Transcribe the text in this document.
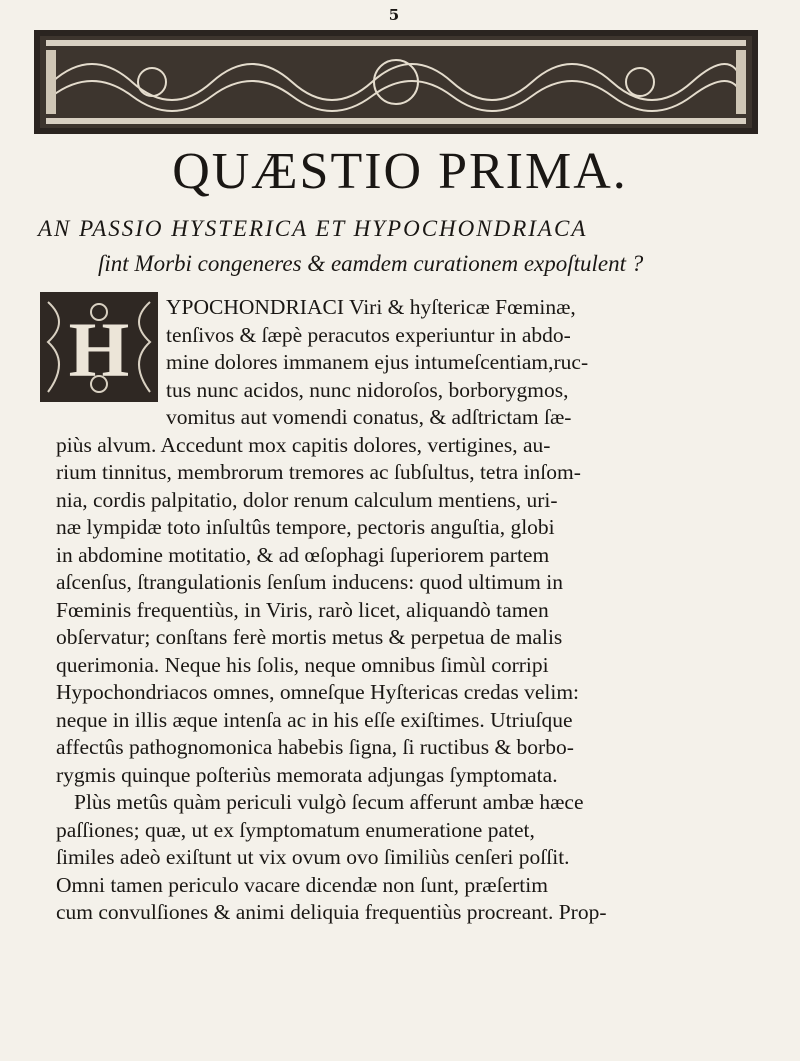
5
QUÆSTIO PRIMA.
AN PASSIO HYSTERICA ET HYPOCHONDRIACA
ſint Morbi congeneres & eamdem curationem expoſtulent ?
H	YPOCHONDRIACI Viri & hyſtericæ Fœminæ,
tenſivos & ſæpè peracutos experiuntur in abdo-
mine dolores immanem ejus intumeſcentiam,ruc-
tus nunc acidos, nunc nidoroſos, borborygmos,
vomitus aut vomendi conatus, & adſtrictam ſæ-
piùs alvum. Accedunt mox capitis dolores, vertigines, au-
rium tinnitus, membrorum tremores ac ſubſultus, tetra inſom-
nia, cordis palpitatio, dolor renum calculum mentiens, uri-
næ lympidæ toto inſultûs tempore, pectoris anguſtia, globi
in abdomine motitatio, & ad œſophagi ſuperiorem partem
aſcenſus, ſtrangulationis ſenſum inducens: quod ultimum in
Fœminis frequentiùs, in Viris, rarò licet, aliquandò tamen
obſervatur; conſtans ferè mortis metus & perpetua de malis
querimonia. Neque his ſolis, neque omnibus ſimùl corripi
Hypochondriacos omnes, omneſque Hyſtericas credas velim:
neque in illis æque intenſa ac in his eſſe exiſtimes. Utriuſque
affectûs pathognomonica habebis ſigna, ſi ructibus & borbo-
rygmis quinque poſteriùs memorata adjungas ſymptomata.
Plùs metûs quàm periculi vulgò ſecum afferunt ambæ hæce
paſſiones; quæ, ut ex ſymptomatum enumeratione patet,
ſimiles adeò exiſtunt ut vix ovum ovo ſimiliùs cenſeri poſſit.
Omni tamen periculo vacare dicendæ non ſunt, præſertim
cum convulſiones & animi deliquia frequentiùs procreant. Prop-
